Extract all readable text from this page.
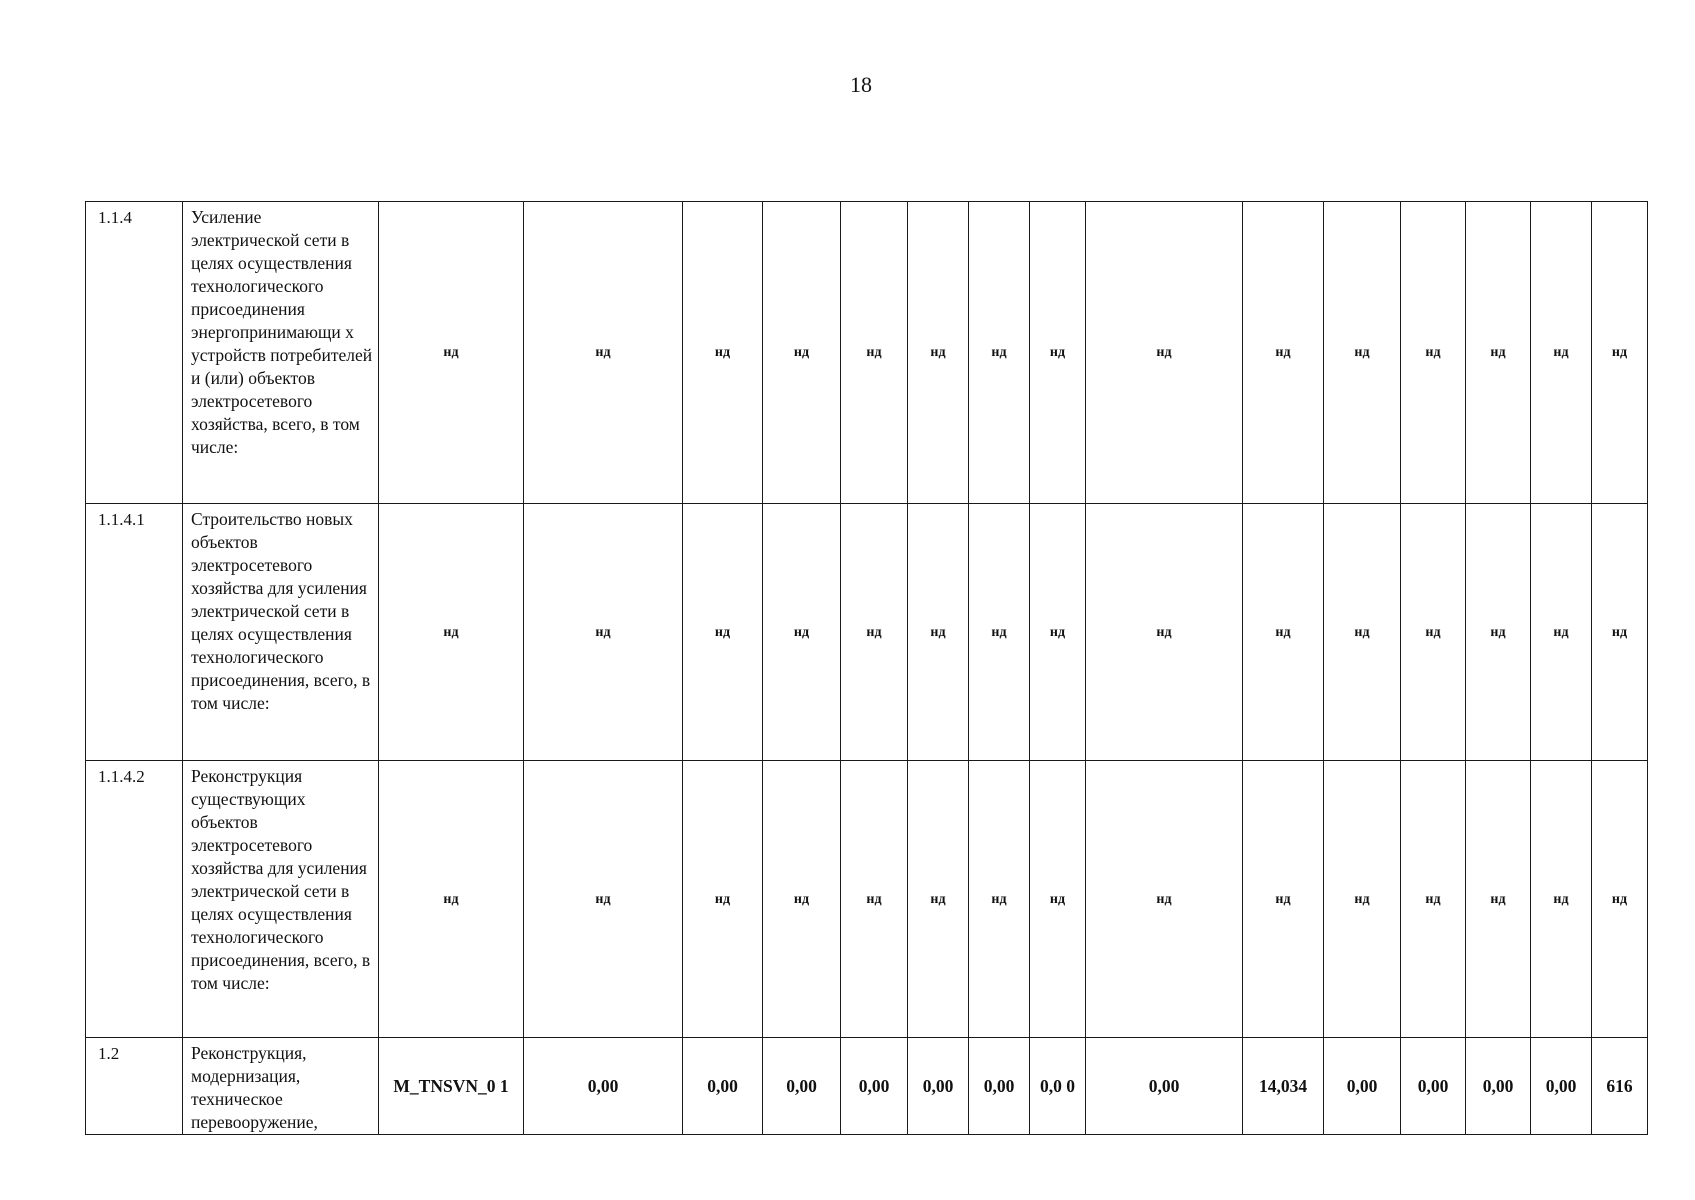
18
1.1.4	Усиление электрической сети в целях осуществления технологического присоединения энергопринимающи х устройств потребителей и (или) объектов электросетевого хозяйства, всего, в том числе:	нд	нд	нд	нд	нд	нд	нд	нд	нд	нд	нд	нд	нд	нд	нд
1.1.4.1	Строительство новых объектов электросетевого хозяйства для усиления электрической сети в целях осуществления технологического присоединения, всего, в том числе:	нд	нд	нд	нд	нд	нд	нд	нд	нд	нд	нд	нд	нд	нд	нд
1.1.4.2	Реконструкция существующих объектов электросетевого хозяйства для усиления электрической сети в целях осуществления технологического присоединения, всего, в том числе:	нд	нд	нд	нд	нд	нд	нд	нд	нд	нд	нд	нд	нд	нд	нд
1.2	Реконструкция, модернизация, техническое перевооружение,	M_TNSVN_0 1	0,00	0,00	0,00	0,00	0,00	0,00	0,0 0	0,00	14,034	0,00	0,00	0,00	0,00	616
